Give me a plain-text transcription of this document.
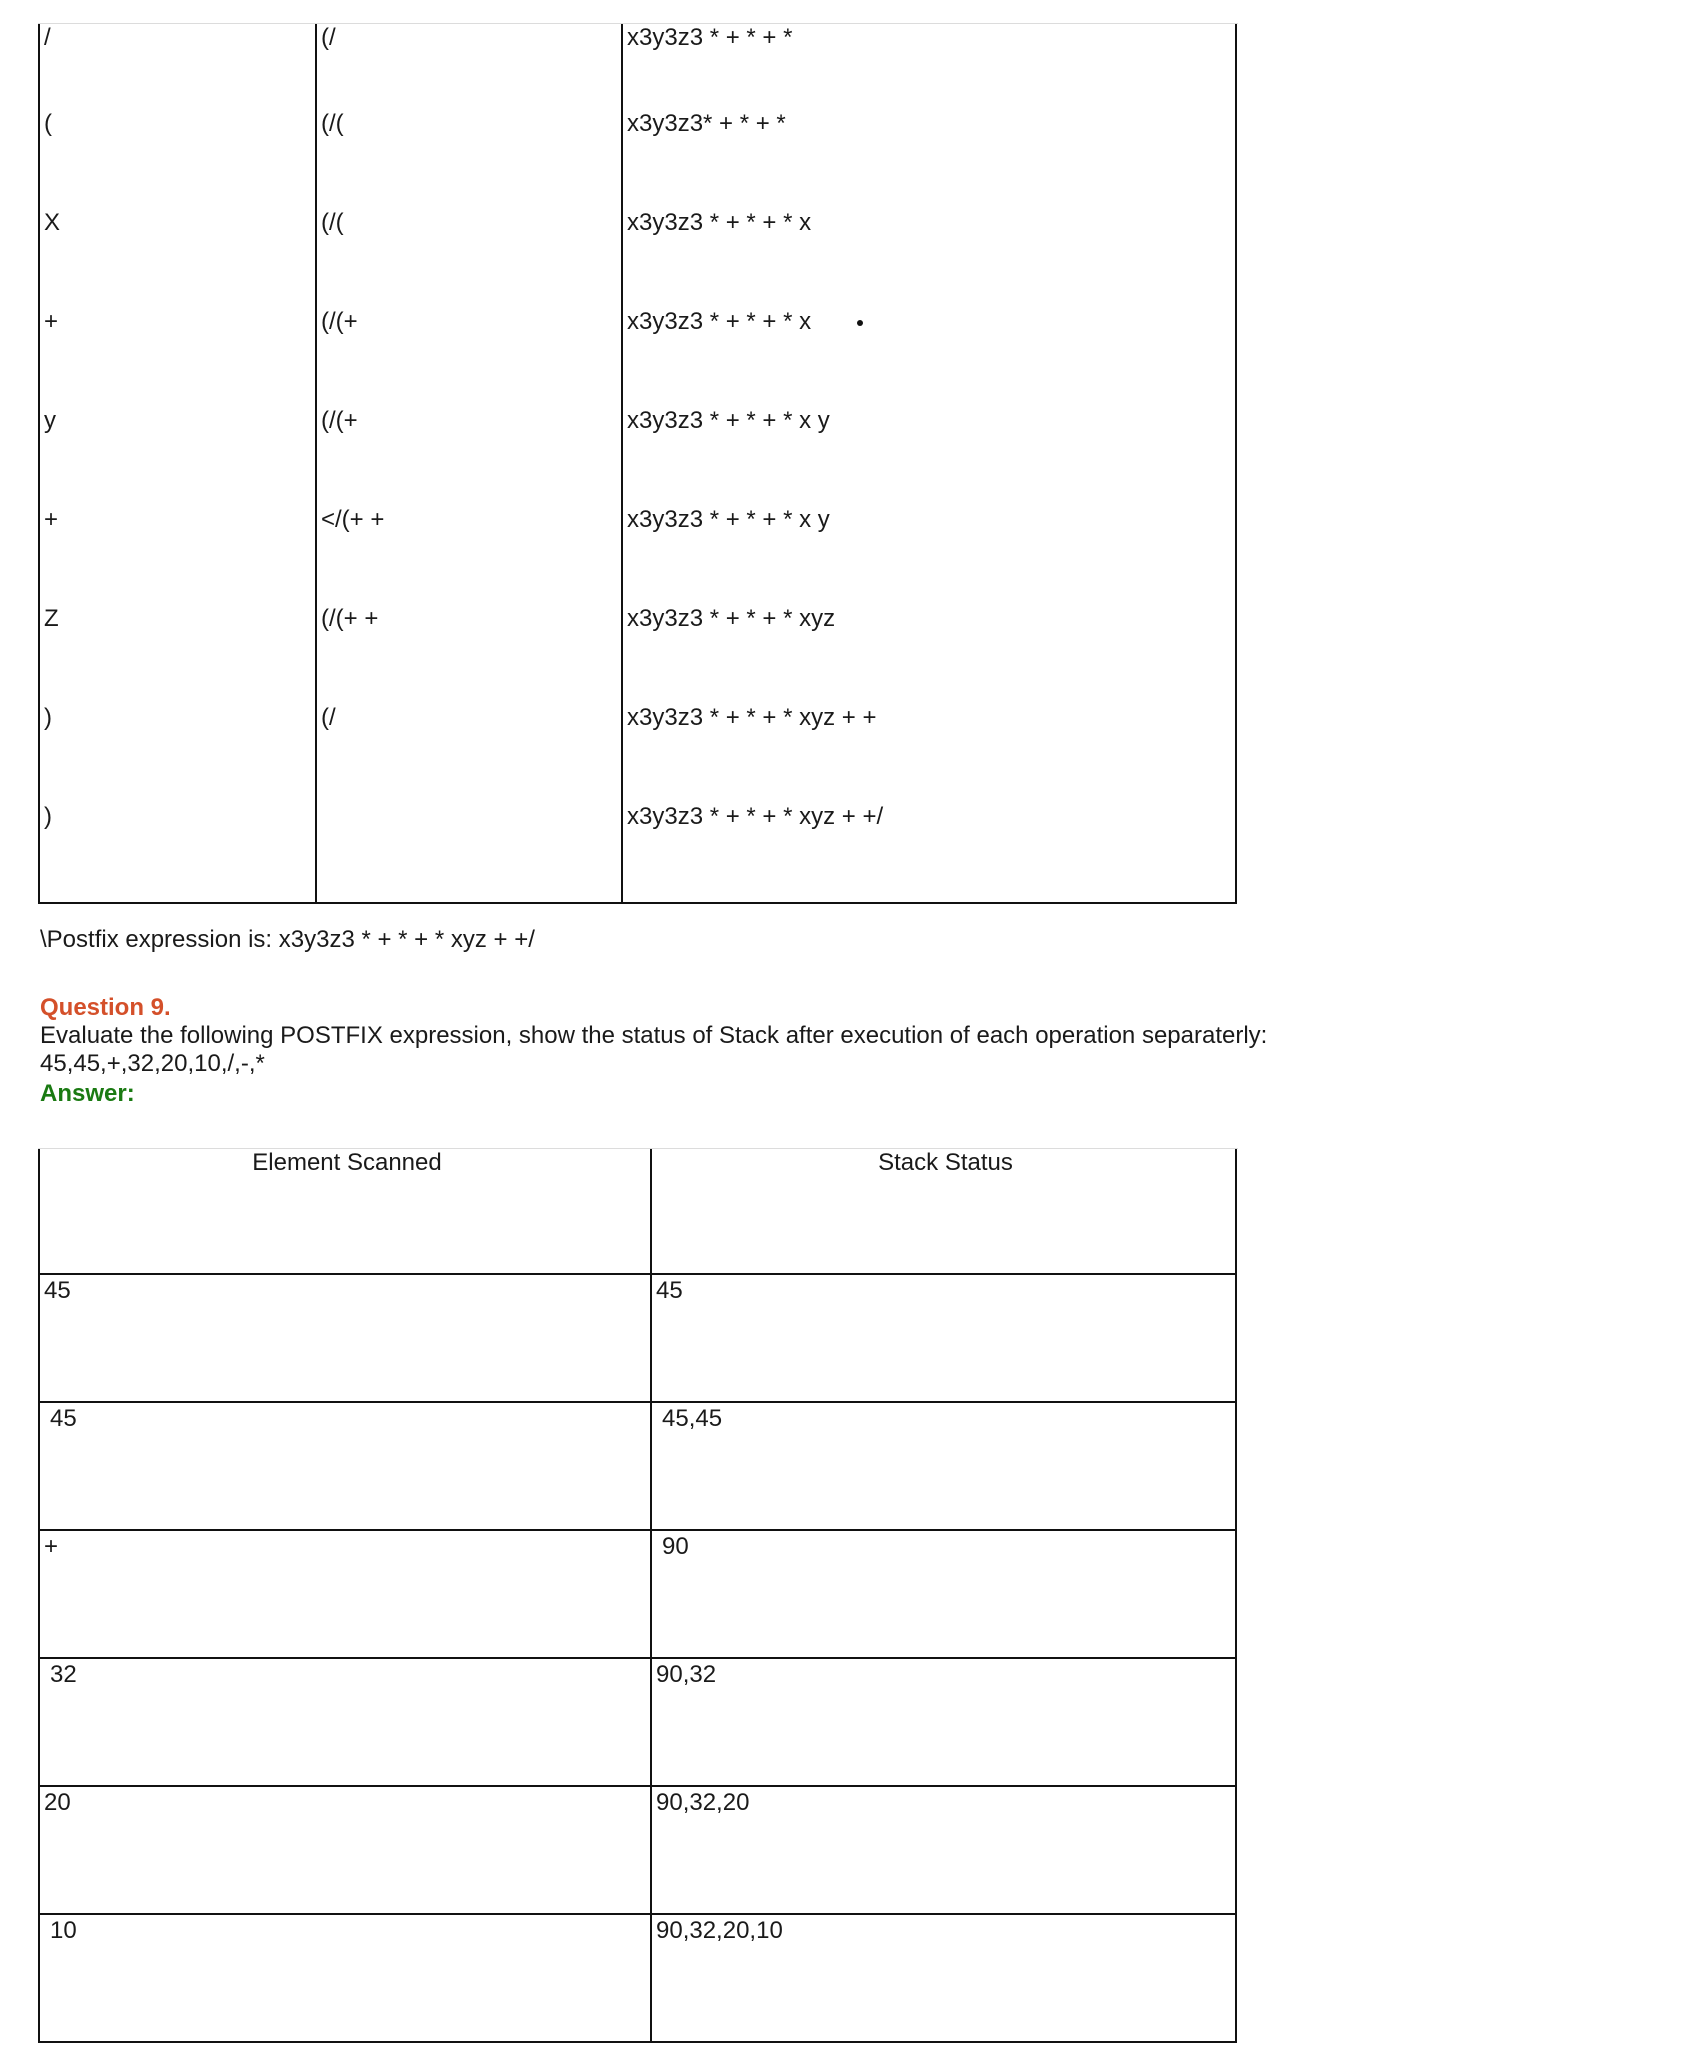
/	(/	x3y3z3 * + * + *
(	(/(	x3y3z3* + * + *
X	(/(	x3y3z3 * + * + * x
+	(/(+	x3y3z3 * + * + * x
y	(/(+	x3y3z3 * + * + * x y
+	</(+ +	x3y3z3 * + * + * x y
Z	(/(+ +	x3y3z3 * + * + * xyz
)	(/	x3y3z3 * + * + * xyz + +
)		x3y3z3 * + * + * xyz + +/
\Postfix expression is: x3y3z3 * + * + * xyz + +/
Question 9.
Evaluate the following POSTFIX expression, show the status of Stack after execution of each operation separaterly:
45,45,+,32,20,10,/,-,*
Answer:
Element Scanned	Stack Status
45	45
45	45,45
+	90
32	90,32
20	90,32,20
10	90,32,20,10
